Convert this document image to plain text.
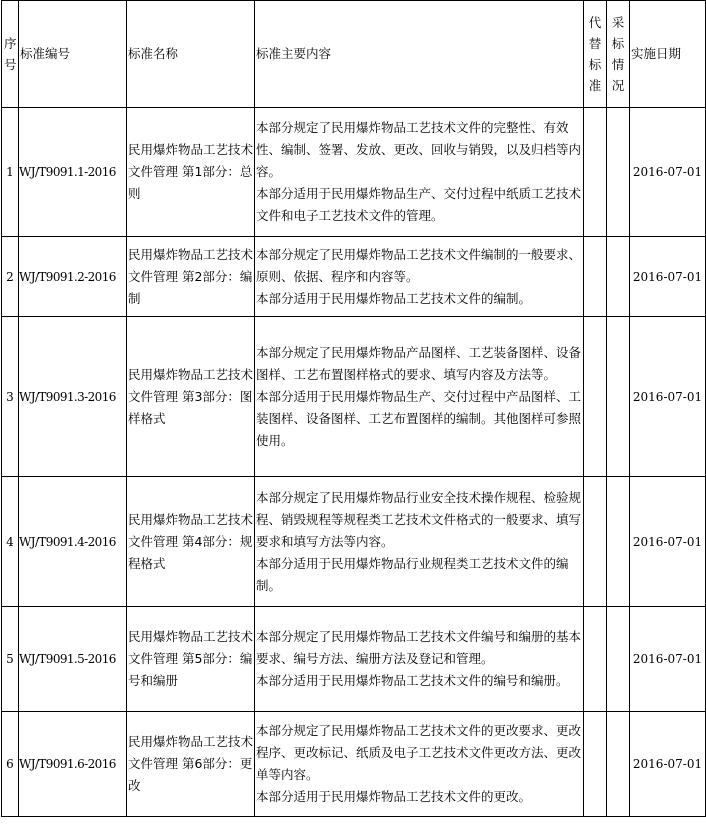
序号	标准编号	标准名称	标准主要内容	代替标准	采标情况	实施日期
1	WJ/T9091.1-2016	民用爆炸物品工艺技术文件管理 第1部分：总则	本部分规定了民用爆炸物品工艺技术文件的完整性、有效性、编制、签署、发放、更改、回收与销毁，以及归档等内容。

本部分适用于民用爆炸物品生产、交付过程中纸质工艺技术文件和电子工艺技术文件的管理。			2016-07-01
2	WJ/T9091.2-2016	民用爆炸物品工艺技术文件管理 第2部分：编制	本部分规定了民用爆炸物品工艺技术文件编制的一般要求、原则、依据、程序和内容等。

本部分适用于民用爆炸物品工艺技术文件的编制。			2016-07-01
3	WJ/T9091.3-2016	民用爆炸物品工艺技术文件管理 第3部分：图样格式	本部分规定了民用爆炸物品产品图样、工艺装备图样、设备图样、工艺布置图样格式的要求、填写内容及方法等。

本部分适用于民用爆炸物品生产、交付过程中产品图样、工装图样、设备图样、工艺布置图样的编制。其他图样可参照使用。			2016-07-01
4	WJ/T9091.4-2016	民用爆炸物品工艺技术文件管理 第4部分：规程格式	本部分规定了民用爆炸物品行业安全技术操作规程、检验规程、销毁规程等规程类工艺技术文件格式的一般要求、填写要求和填写方法等内容。

本部分适用于民用爆炸物品行业规程类工艺技术文件的编制。			2016-07-01
5	WJ/T9091.5-2016	民用爆炸物品工艺技术文件管理 第5部分：编号和编册	本部分规定了民用爆炸物品工艺技术文件编号和编册的基本要求、编号方法、编册方法及登记和管理。

本部分适用于民用爆炸物品工艺技术文件的编号和编册。			2016-07-01
6	WJ/T9091.6-2016	民用爆炸物品工艺技术文件管理 第6部分：更改	本部分规定了民用爆炸物品工艺技术文件的更改要求、更改程序、更改标记、纸质及电子工艺技术文件更改方法、更改单等内容。

本部分适用于民用爆炸物品工艺技术文件的更改。			2016-07-01
